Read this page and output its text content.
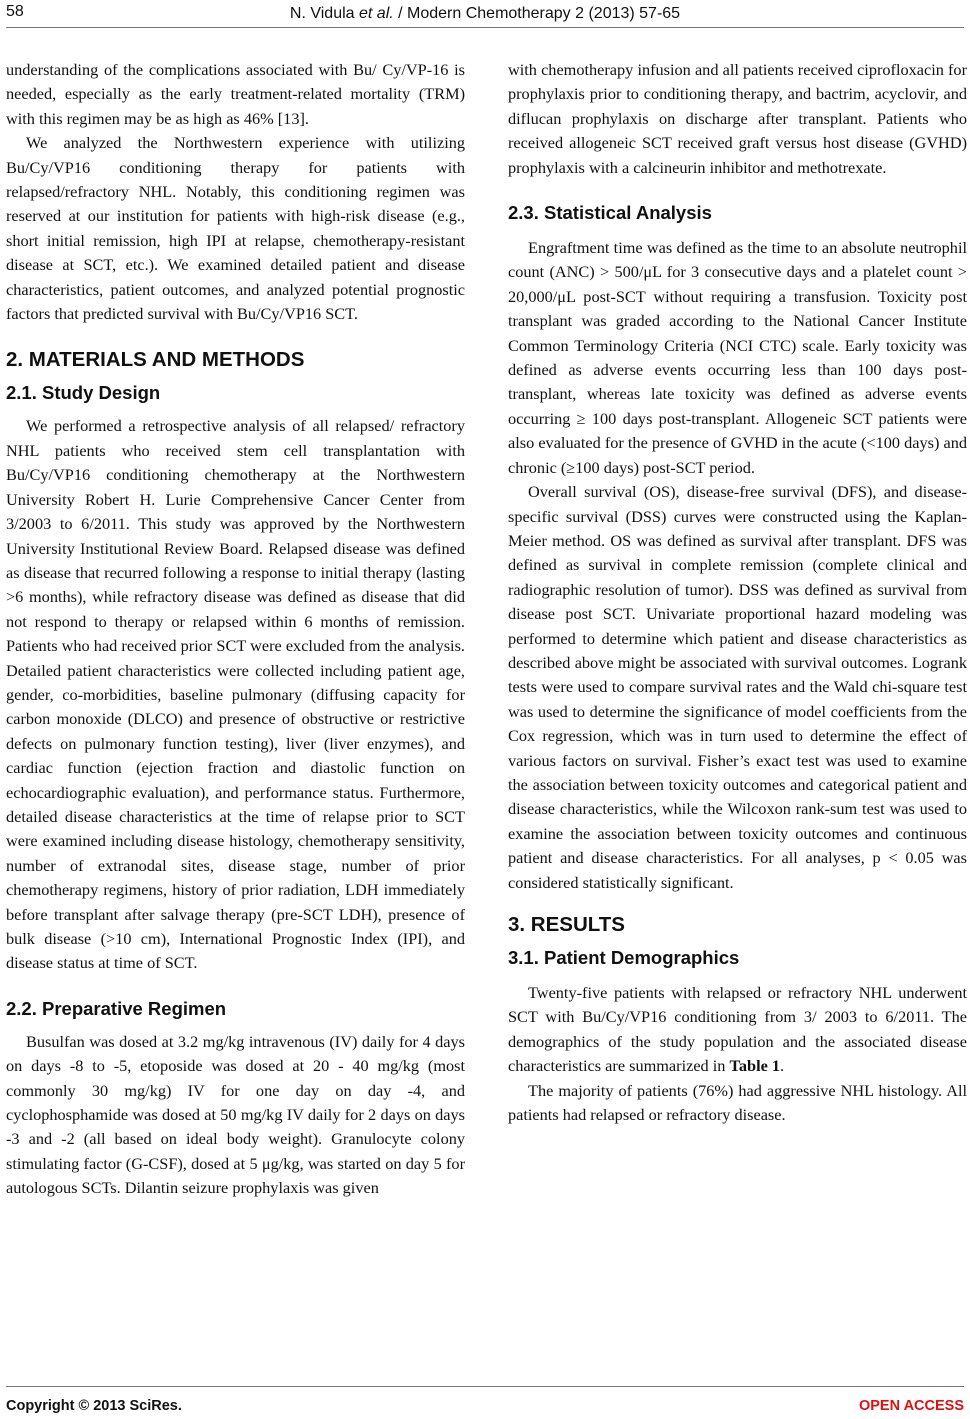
58	N. Vidula et al. / Modern Chemotherapy 2 (2013) 57-65

understanding of the complications associated with Bu/ Cy/VP-16 is needed, especially as the early treatment-related mortality (TRM) with this regimen may be as high as 46% [13].

We analyzed the Northwestern experience with utilizing Bu/Cy/VP16 conditioning therapy for patients with relapsed/refractory NHL. Notably, this conditioning regimen was reserved at our institution for patients with high-risk disease (e.g., short initial remission, high IPI at relapse, chemotherapy-resistant disease at SCT, etc.). We examined detailed patient and disease characteristics, patient outcomes, and analyzed potential prognostic factors that predicted survival with Bu/Cy/VP16 SCT.

2. MATERIALS AND METHODS
2.1. Study Design

We performed a retrospective analysis of all relapsed/ refractory NHL patients who received stem cell transplantation with Bu/Cy/VP16 conditioning chemotherapy at the Northwestern University Robert H. Lurie Comprehensive Cancer Center from 3/2003 to 6/2011. This study was approved by the Northwestern University Institutional Review Board. Relapsed disease was defined as disease that recurred following a response to initial therapy (lasting >6 months), while refractory disease was defined as disease that did not respond to therapy or relapsed within 6 months of remission. Patients who had received prior SCT were excluded from the analysis. Detailed patient characteristics were collected including patient age, gender, co-morbidities, baseline pulmonary (diffusing capacity for carbon monoxide (DLCO) and presence of obstructive or restrictive defects on pulmonary function testing), liver (liver enzymes), and cardiac function (ejection fraction and diastolic function on echocardiographic evaluation), and performance status. Furthermore, detailed disease characteristics at the time of relapse prior to SCT were examined including disease histology, chemotherapy sensitivity, number of extranodal sites, disease stage, number of prior chemotherapy regimens, history of prior radiation, LDH immediately before transplant after salvage therapy (pre-SCT LDH), presence of bulk disease (>10 cm), International Prognostic Index (IPI), and disease status at time of SCT.

2.2. Preparative Regimen

Busulfan was dosed at 3.2 mg/kg intravenous (IV) daily for 4 days on days -8 to -5, etoposide was dosed at 20 - 40 mg/kg (most commonly 30 mg/kg) IV for one day on day -4, and cyclophosphamide was dosed at 50 mg/kg IV daily for 2 days on days -3 and -2 (all based on ideal body weight). Granulocyte colony stimulating factor (G-CSF), dosed at 5 μg/kg, was started on day 5 for autologous SCTs. Dilantin seizure prophylaxis was given

with chemotherapy infusion and all patients received ciprofloxacin for prophylaxis prior to conditioning therapy, and bactrim, acyclovir, and diflucan prophylaxis on discharge after transplant. Patients who received allogeneic SCT received graft versus host disease (GVHD) prophylaxis with a calcineurin inhibitor and methotrexate.

2.3. Statistical Analysis

Engraftment time was defined as the time to an absolute neutrophil count (ANC) > 500/μL for 3 consecutive days and a platelet count > 20,000/μL post-SCT without requiring a transfusion. Toxicity post transplant was graded according to the National Cancer Institute Common Terminology Criteria (NCI CTC) scale. Early toxicity was defined as adverse events occurring less than 100 days post-transplant, whereas late toxicity was defined as adverse events occurring ≥ 100 days post-transplant. Allogeneic SCT patients were also evaluated for the presence of GVHD in the acute (<100 days) and chronic (≥100 days) post-SCT period.

Overall survival (OS), disease-free survival (DFS), and disease-specific survival (DSS) curves were constructed using the Kaplan-Meier method. OS was defined as survival after transplant. DFS was defined as survival in complete remission (complete clinical and radiographic resolution of tumor). DSS was defined as survival from disease post SCT. Univariate proportional hazard modeling was performed to determine which patient and disease characteristics as described above might be associated with survival outcomes. Logrank tests were used to compare survival rates and the Wald chi-square test was used to determine the significance of model coefficients from the Cox regression, which was in turn used to determine the effect of various factors on survival. Fisher’s exact test was used to examine the association between toxicity outcomes and categorical patient and disease characteristics, while the Wilcoxon rank-sum test was used to examine the association between toxicity outcomes and continuous patient and disease characteristics. For all analyses, p < 0.05 was considered statistically significant.

3. RESULTS
3.1. Patient Demographics

Twenty-five patients with relapsed or refractory NHL underwent SCT with Bu/Cy/VP16 conditioning from 3/ 2003 to 6/2011. The demographics of the study population and the associated disease characteristics are summarized in Table 1.

The majority of patients (76%) had aggressive NHL histology. All patients had relapsed or refractory disease.

Copyright © 2013 SciRes.	OPEN ACCESS
